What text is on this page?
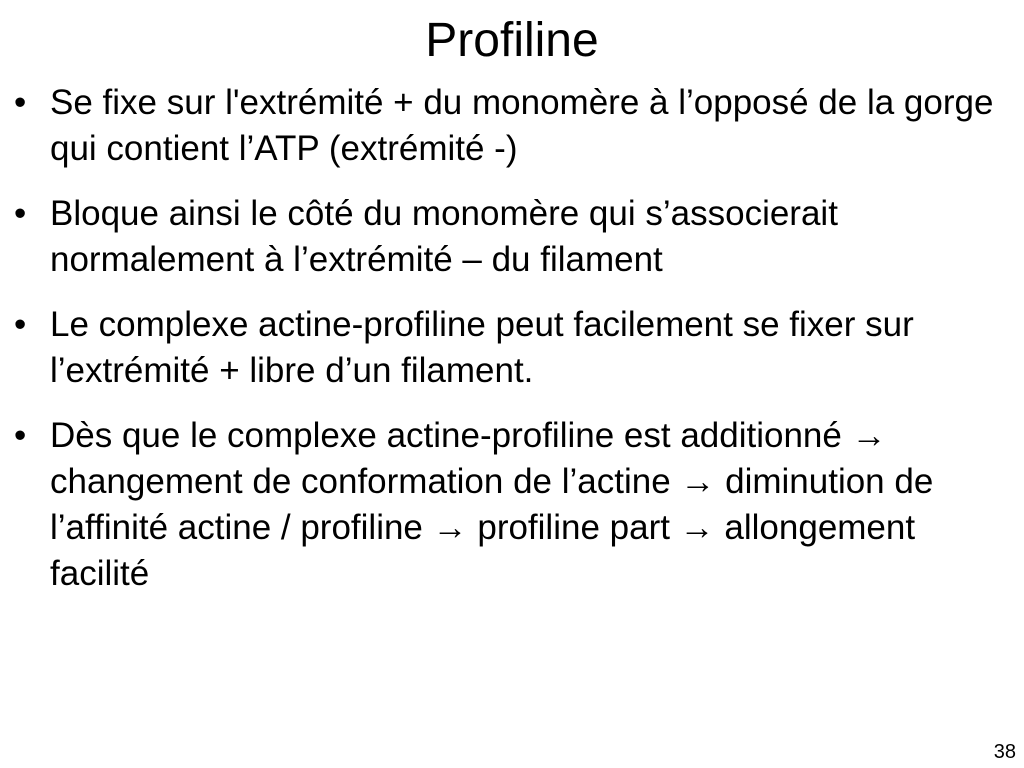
Profiline
• Se fixe sur l'extrémité + du monomère à l’opposé de la gorge qui contient l’ATP (extrémité -)
• Bloque ainsi le côté du monomère qui s’associerait normalement à l’extrémité – du filament
• Le complexe actine-profiline peut facilement se fixer sur l’extrémité + libre d’un filament.
• Dès que le complexe actine-profiline est additionné → changement de conformation de l’actine → diminution de l’affinité actine / profiline → profiline part → allongement facilité
38
